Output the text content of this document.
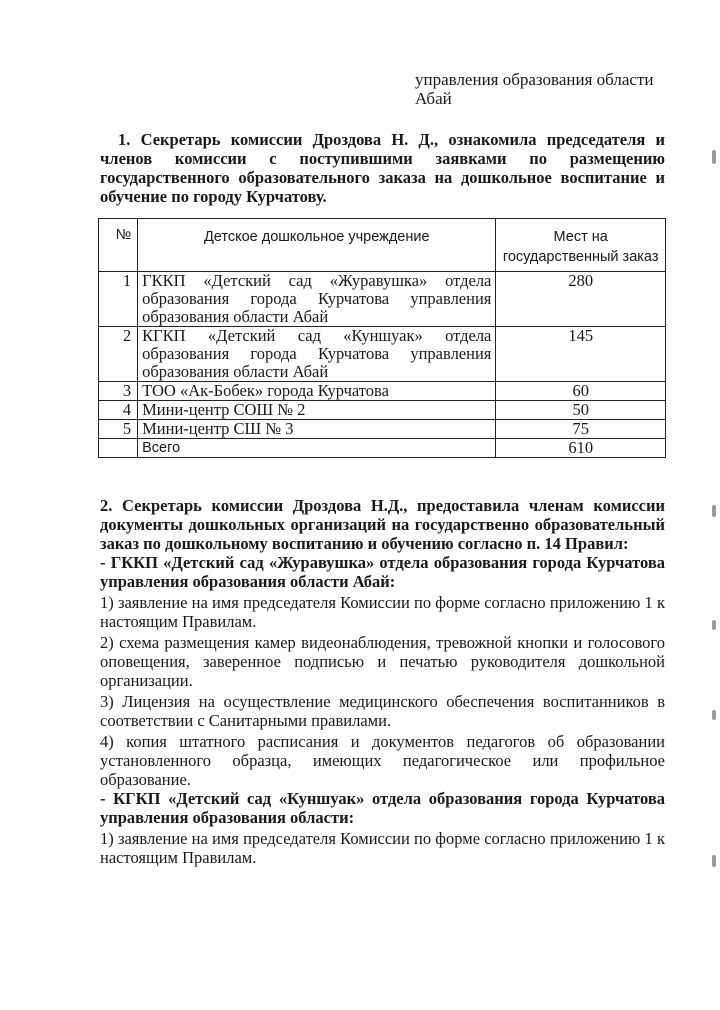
управления образования области
Абай
1. Секретарь комиссии Дроздова Н. Д., ознакомила председателя и членов комиссии с поступившими заявками по размещению государственного образовательного заказа на дошкольное воспитание и обучение по городу Курчатову.
№	Детское дошкольное учреждение	Мест на государственный заказ
1	ГККП «Детский сад «Журавушка» отдела образования города Курчатова управления образования области Абай	280
2	КГКП «Детский сад «Куншуак» отдела образования города Курчатова управления образования области Абай	145
3	ТОО «Ак-Бобек» города Курчатова	60
4	Мини-центр СОШ № 2	50
5	Мини-центр СШ № 3	75
	Всего	610

2. Секретарь комиссии Дроздова Н.Д., предоставила членам комиссии документы дошкольных организаций на государственно образовательный заказ по дошкольному воспитанию и обучению согласно п. 14 Правил:

- ГККП «Детский сад «Журавушка» отдела образования города Курчатова управления образования области Абай:

1) заявление на имя председателя Комиссии по форме согласно приложению 1 к настоящим Правилам.

2) схема размещения камер видеонаблюдения, тревожной кнопки и голосового оповещения, заверенное подписью и печатью руководителя дошкольной организации.

3) Лицензия на осуществление медицинского обеспечения воспитанников в соответствии с Санитарными правилами.

4) копия штатного расписания и документов педагогов об образовании установленного образца, имеющих педагогическое или профильное образование.

- КГКП «Детский сад «Куншуак» отдела образования города Курчатова управления образования области:

1) заявление на имя председателя Комиссии по форме согласно приложению 1 к настоящим Правилам.
